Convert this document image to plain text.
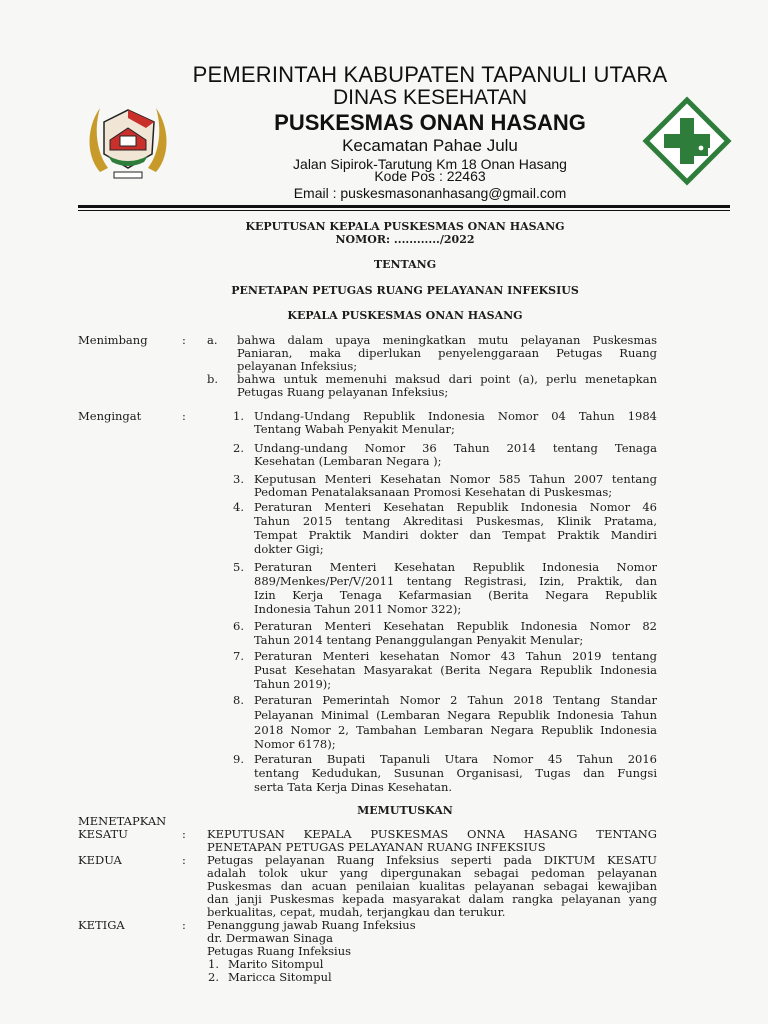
PEMERINTAH KABUPATEN TAPANULI UTARA
DINAS KESEHATAN
PUSKESMAS ONAN HASANG
Kecamatan Pahae Julu
Jalan Sipirok-Tarutung Km 18 Onan Hasang
Kode Pos : 22463
Email : puskesmasonanhasang@gmail.com
KEPUTUSAN KEPALA PUSKESMAS ONAN HASANG
NOMOR: ............/2022
TENTANG
PENETAPAN PETUGAS RUANG PELAYANAN INFEKSIUS
KEPALA PUSKESMAS ONAN HASANG
Menimbang	: a. bahwa dalam upaya meningkatkan mutu pelayanan Puskesmas
Paniaran, maka diperlukan penyelenggaraan Petugas Ruang
pelayanan Infeksius;
b. bahwa untuk memenuhi maksud dari point (a), perlu menetapkan
Petugas Ruang pelayanan Infeksius;
Mengingat	:	1. Undang-Undang Republik Indonesia Nomor 04 Tahun 1984
Tentang Wabah Penyakit Menular;
2. Undang-undang Nomor 36 Tahun 2014 tentang Tenaga
Kesehatan (Lembaran Negara );
3. Keputusan Menteri Kesehatan Nomor 585 Tahun 2007 tentang
Pedoman Penatalaksanaan Promosi Kesehatan di Puskesmas;
4. Peraturan Menteri Kesehatan Republik Indonesia Nomor 46
Tahun 2015 tentang Akreditasi Puskesmas, Klinik Pratama,
Tempat Praktik Mandiri dokter dan Tempat Praktik Mandiri
dokter Gigi;
5. Peraturan Menteri Kesehatan Republik Indonesia Nomor
889/Menkes/Per/V/2011 tentang Registrasi, Izin, Praktik, dan
Izin Kerja Tenaga Kefarmasian (Berita Negara Republik
Indonesia Tahun 2011 Nomor 322);
6. Peraturan Menteri Kesehatan Republik Indonesia Nomor 82
Tahun 2014 tentang Penanggulangan Penyakit Menular;
7. Peraturan Menteri kesehatan Nomor 43 Tahun 2019 tentang
Pusat Kesehatan Masyarakat (Berita Negara Republik Indonesia
Tahun 2019);
8. Peraturan Pemerintah Nomor 2 Tahun 2018 Tentang Standar
Pelayanan Minimal (Lembaran Negara Republik Indonesia Tahun
2018 Nomor 2, Tambahan Lembaran Negara Republik Indonesia
Nomor 6178);
9. Peraturan Bupati Tapanuli Utara Nomor 45 Tahun 2016
tentang Kedudukan, Susunan Organisasi, Tugas dan Fungsi
serta Tata Kerja Dinas Kesehatan.
MEMUTUSKAN
MENETAPKAN
KESATU	: KEPUTUSAN KEPALA PUSKESMAS ONNA HASANG TENTANG
PENETAPAN PETUGAS PELAYANAN RUANG INFEKSIUS
KEDUA	: Petugas pelayanan Ruang Infeksius seperti pada DIKTUM KESATU
adalah tolok ukur yang dipergunakan sebagai pedoman pelayanan
Puskesmas dan acuan penilaian kualitas pelayanan sebagai kewajiban
dan janji Puskesmas kepada masyarakat dalam rangka pelayanan yang
berkualitas, cepat, mudah, terjangkau dan terukur.
KETIGA	: Penanggung jawab Ruang Infeksius
dr. Dermawan Sinaga
Petugas Ruang Infeksius
1. Marito Sitompul
2. Maricca Sitompul
